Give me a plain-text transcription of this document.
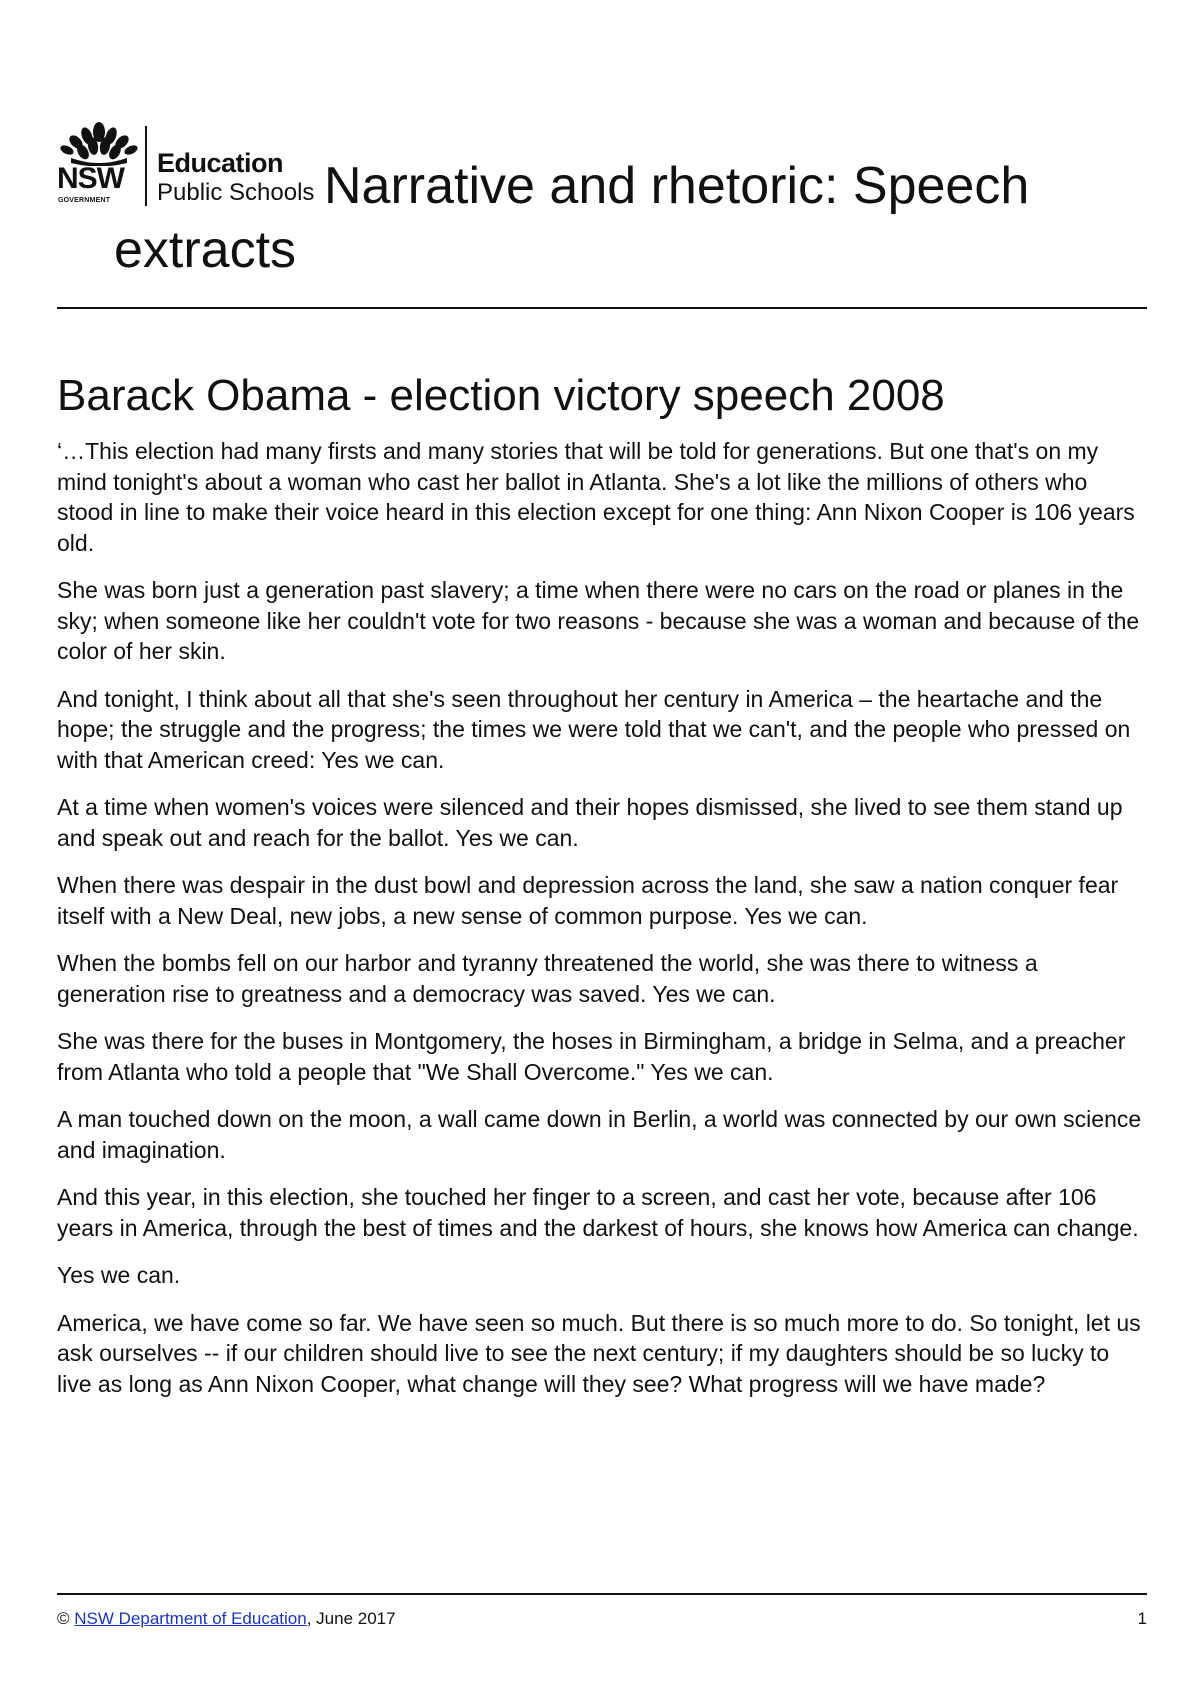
NSW
GOVERNMENT
Education
Public Schools Narrative and rhetoric: Speech extracts
Barack Obama - election victory speech 2008

‘…This election had many firsts and many stories that will be told for generations. But one that's on my mind tonight's about a woman who cast her ballot in Atlanta. She's a lot like the millions of others who stood in line to make their voice heard in this election except for one thing: Ann Nixon Cooper is 106 years old.

She was born just a generation past slavery; a time when there were no cars on the road or planes in the sky; when someone like her couldn't vote for two reasons - because she was a woman and because of the color of her skin.

And tonight, I think about all that she's seen throughout her century in America – the heartache and the hope; the struggle and the progress; the times we were told that we can't, and the people who pressed on with that American creed: Yes we can.

At a time when women's voices were silenced and their hopes dismissed, she lived to see them stand up and speak out and reach for the ballot. Yes we can.

When there was despair in the dust bowl and depression across the land, she saw a nation conquer fear itself with a New Deal, new jobs, a new sense of common purpose. Yes we can.

When the bombs fell on our harbor and tyranny threatened the world, she was there to witness a generation rise to greatness and a democracy was saved. Yes we can.

She was there for the buses in Montgomery, the hoses in Birmingham, a bridge in Selma, and a preacher from Atlanta who told a people that "We Shall Overcome." Yes we can.

A man touched down on the moon, a wall came down in Berlin, a world was connected by our own science and imagination.

And this year, in this election, she touched her finger to a screen, and cast her vote, because after 106 years in America, through the best of times and the darkest of hours, she knows how America can change.

Yes we can.

America, we have come so far. We have seen so much. But there is so much more to do. So tonight, let us ask ourselves -- if our children should live to see the next century; if my daughters should be so lucky to live as long as Ann Nixon Cooper, what change will they see? What progress will we have made?

© NSW Department of Education, June 2017	1
